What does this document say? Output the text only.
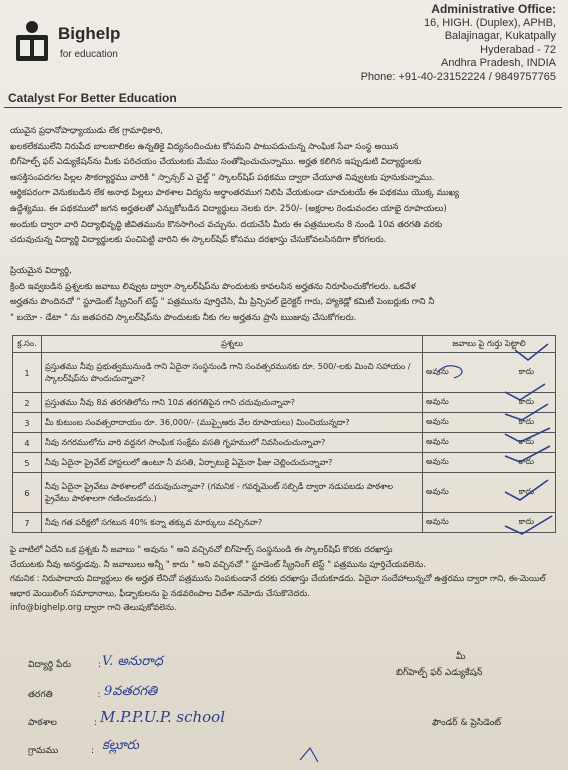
Bighelp
for education
Catalyst For Better Education
Administrative Office:
16, HIGH. (Duplex), APHB,
Balajinagar, Kukatpally
Hyderabad - 72
Andhra Pradesh, INDIA
Phone: +91-40-23152224 / 9849757765

యువైన ప్రధానోపాధ్యాయుడు లేక గ్రామాధికారి,

ఖలకలేకములేని నిరుపేద బాలబాలికల ఉన్నతికై విద్యనందించుట కోసమని పాటుపడుచున్న సాంఘిక సేవా సంస్థ అయిన

బిగ్‌హెల్ప్ ఫర్ ఎడ్యుకేషన్‌ను మీకు పరిచయం చేయుటకు మేము సంతోషించుచున్నాము. అర్హత కలిగిన ఇప్పుడుటి విద్యార్థులకు

ఆసక్తిసంపదగల పిల్లల సౌకర్యార్థము వారికి " స్పాన్సర్ ఎ చైల్డ్ " స్కాలర్‌షిప్ పథకము ద్వారా చేయూత నివ్వుటకు పూనుకున్నాము.

ఆర్థికపరంగా వెనుకబడిన లేక అనాథ పిల్లలు పాఠశాల విద్యను అర్ధాంతరముగ నిలిపి వేయకుండా చూచుటయే ఈ పథకము యొక్క ముఖ్య

ఉద్దేశ్యము. ఈ పథకములో జగన అర్హతలతో ఎన్నుకోబడిన విద్యార్థులు నెలకు రూ. 250/- (అక్షరాల రెండువందల యాభై రూపాయలు)

అందుకు ద్వారా వారి విద్యాభివృద్ధి జీవితమును కొనసాగించ వచ్చును. దయచేసి మీరు ఈ పత్రములను 8 నుండి 10వ తరగతి వరకు

చదువుచున్న విద్యార్థి విద్యార్థులకు పంచిపెట్టి వారిని ఈ స్కాలర్‌షిప్ కోసము దరఖాస్తు చేసుకోవలసినదిగా కోరగలరు.

ప్రియమైన విద్యార్థి,

క్రింది ఇవ్వబడిన ప్రశ్నలకు జవాబు లివ్వుట ద్వారా స్కాలర్‌షిప్‌ను పొందుటకు కావలసిన అర్హతను నిరూపించుకోగలరు. ఒకవేళ

అర్హతను పొందినచో " స్టూడెంట్ స్క్రీనింగ్ టెస్ట్ " పత్రమును పూర్తిచేసి, మీ ప్రిన్సిపల్ డైరెక్టర్ గారు, హ్యాకెడ్లో కమిటీ పెంబర్లుకు గాని నీ

" బయో - డేటా " ను జతపరచి స్కాలర్‌షిప్‌ను పొందుటకు నీకు గల అర్హతను ప్రాసి ఋజువు చేసుకోగలరు.

క్ర.సం.	ప్రశ్నలు	జవాబు పై గుర్తు పెట్టాలి
1	ప్రస్తుతము నీవు ప్రభుత్వమునుండి గాని ఏదైనా సంస్థనుండి గాని సంవత్సరమునకు రూ. 500/-లకు మించి సహాయం / స్కాలర్‌షిప్‌ను పొందుచున్నావా?	అవును కాదు
2	ప్రస్తుతము నీవు 8వ తరగతిలోను గాని 10వ తరగతిపైన గాని చదువుచున్నావా?	అవును కాదు
3	మీ కుటుంబ సంవత్సరాదాయం రూ. 36,000/- (ముప్పైఆరు వేల రూపాయలు) మించియున్నదా?	అవును కాదు
4	నీవు నగరములోను వారి వద్దనగ సాంఘిక సంక్షేమ వసతి గృహములో నివసించుచున్నావా?	అవును కాదు
5	నీవు ఏదైనా ప్రైవేట్ హాస్టలులో ఉంటూ నీ వసతి, ఏర్పాటుకై ఏమైనా ఫీజు చెల్లించుచున్నావా?	అవును కాదు
6	నీవు ఏదైనా ప్రైవేటు పాఠశాలలో చదువుచున్నావా? (గమనిక - గవర్నమెంట్ సబ్సిడీ ద్వారా నడుపబడు పాఠశాల ప్రైవేటు పాఠశాలగా గణించబడదు.)	అవును కాదు
7	నీవు గత పరీక్షలో సగటున 40% కన్నా తక్కువ మార్కులు వచ్చినవా?	అవును కాదు
పై వాటిలో ఏదేని ఒక ప్రశ్నకు నీ జవాబు " అవును " అని వచ్చినచో బిగ్‌హెల్ప్ సంస్థనుండి ఈ స్కాలర్‌షిప్ కొరకు దరఖాస్తు
చేయుటకు నీవు అనర్హుడవు. నీ జవాబులు అన్నీ " కాదు " అని వచ్చినచో " స్టూడెంట్ స్క్రీనింగ్ టెస్ట్ " పత్రమును పూర్తిచేయవలెను.
గమనిక : నిరుపాదాయ విద్యార్థులు ఈ అర్హత లేనిచో పత్రమును నింపకుండానే దరకు దరఖాస్తు చేయకూడదు. ఏదైనా సందేహాలున్నచో ఉత్తరము ద్వారా గాని, ఈ-మెయిల్
ఆధార మెయిలింగ్ సమాధానాలు, ఫీడ్బాకులను పై నడవరింపాల విదేశా నమోదు చేసుకొనెదరు.
info@bighelp.org ద్వారా గాని తెలుపుకోవలెను.
మీ
బిగ్‌హెల్ప్ ఫర్ ఎడ్యుకేషన్
ఫౌండర్ & ప్రెసిడెంట్
విద్యార్థి పేరు	: V. అనురాధ
తరగతి	: 9వతరగతి
పాఠశాల	: M.P.P.U.P. school
గ్రామము	: కల్లూరు
